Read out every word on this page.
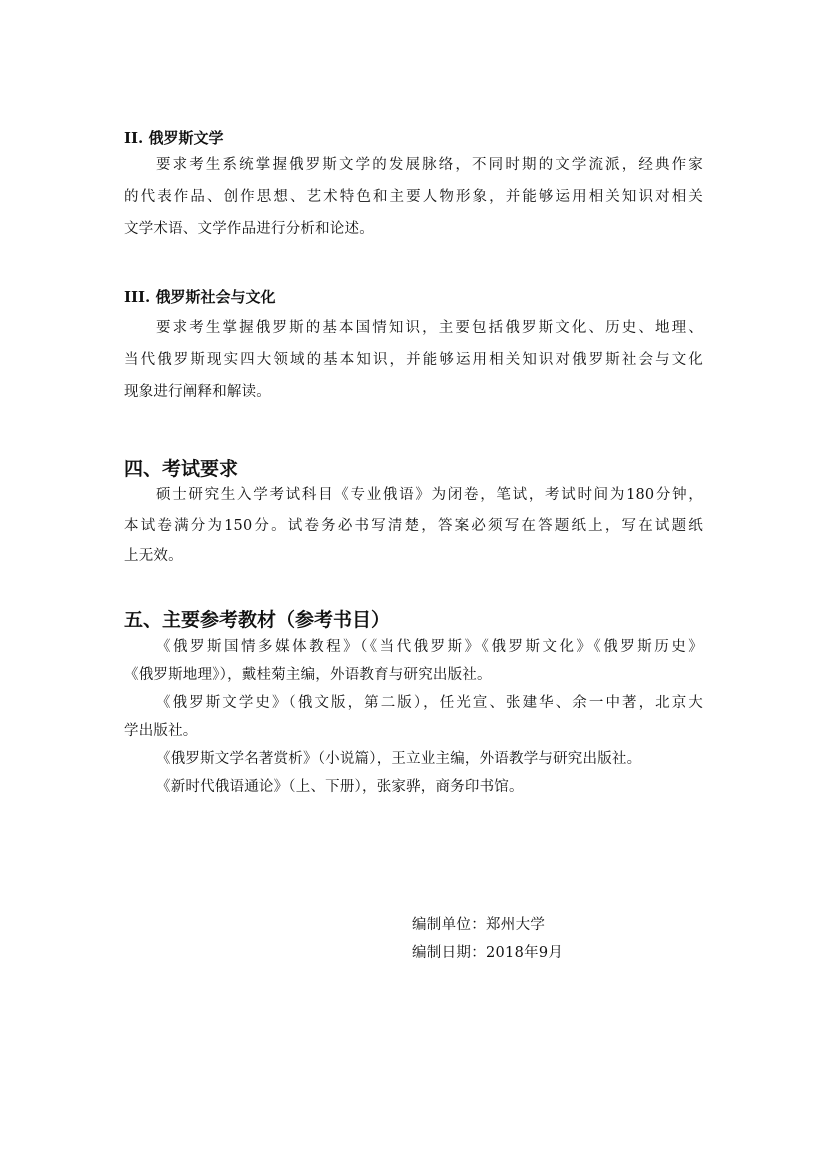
II. 俄罗斯文学

要求考生系统掌握俄罗斯文学的发展脉络，不同时期的文学流派，经典作家

的代表作品、创作思想、艺术特色和主要人物形象，并能够运用相关知识对相关

文学术语、文学作品进行分析和论述。

III. 俄罗斯社会与文化

要求考生掌握俄罗斯的基本国情知识，主要包括俄罗斯文化、历史、地理、

当代俄罗斯现实四大领域的基本知识，并能够运用相关知识对俄罗斯社会与文化

现象进行阐释和解读。

四、考试要求

硕士研究生入学考试科目《专业俄语》为闭卷，笔试，考试时间为180分钟，

本试卷满分为150分。试卷务必书写清楚，答案必须写在答题纸上，写在试题纸

上无效。

五、主要参考教材（参考书目）

《俄罗斯国情多媒体教程》（《当代俄罗斯》《俄罗斯文化》《俄罗斯历史》

《俄罗斯地理》），戴桂菊主编，外语教育与研究出版社。

《俄罗斯文学史》（俄文版，第二版），任光宣、张建华、余一中著，北京大

学出版社。

《俄罗斯文学名著赏析》（小说篇），王立业主编，外语教学与研究出版社。

《新时代俄语通论》（上、下册），张家骅，商务印书馆。

编制单位：郑州大学

编制日期：2018年9月
